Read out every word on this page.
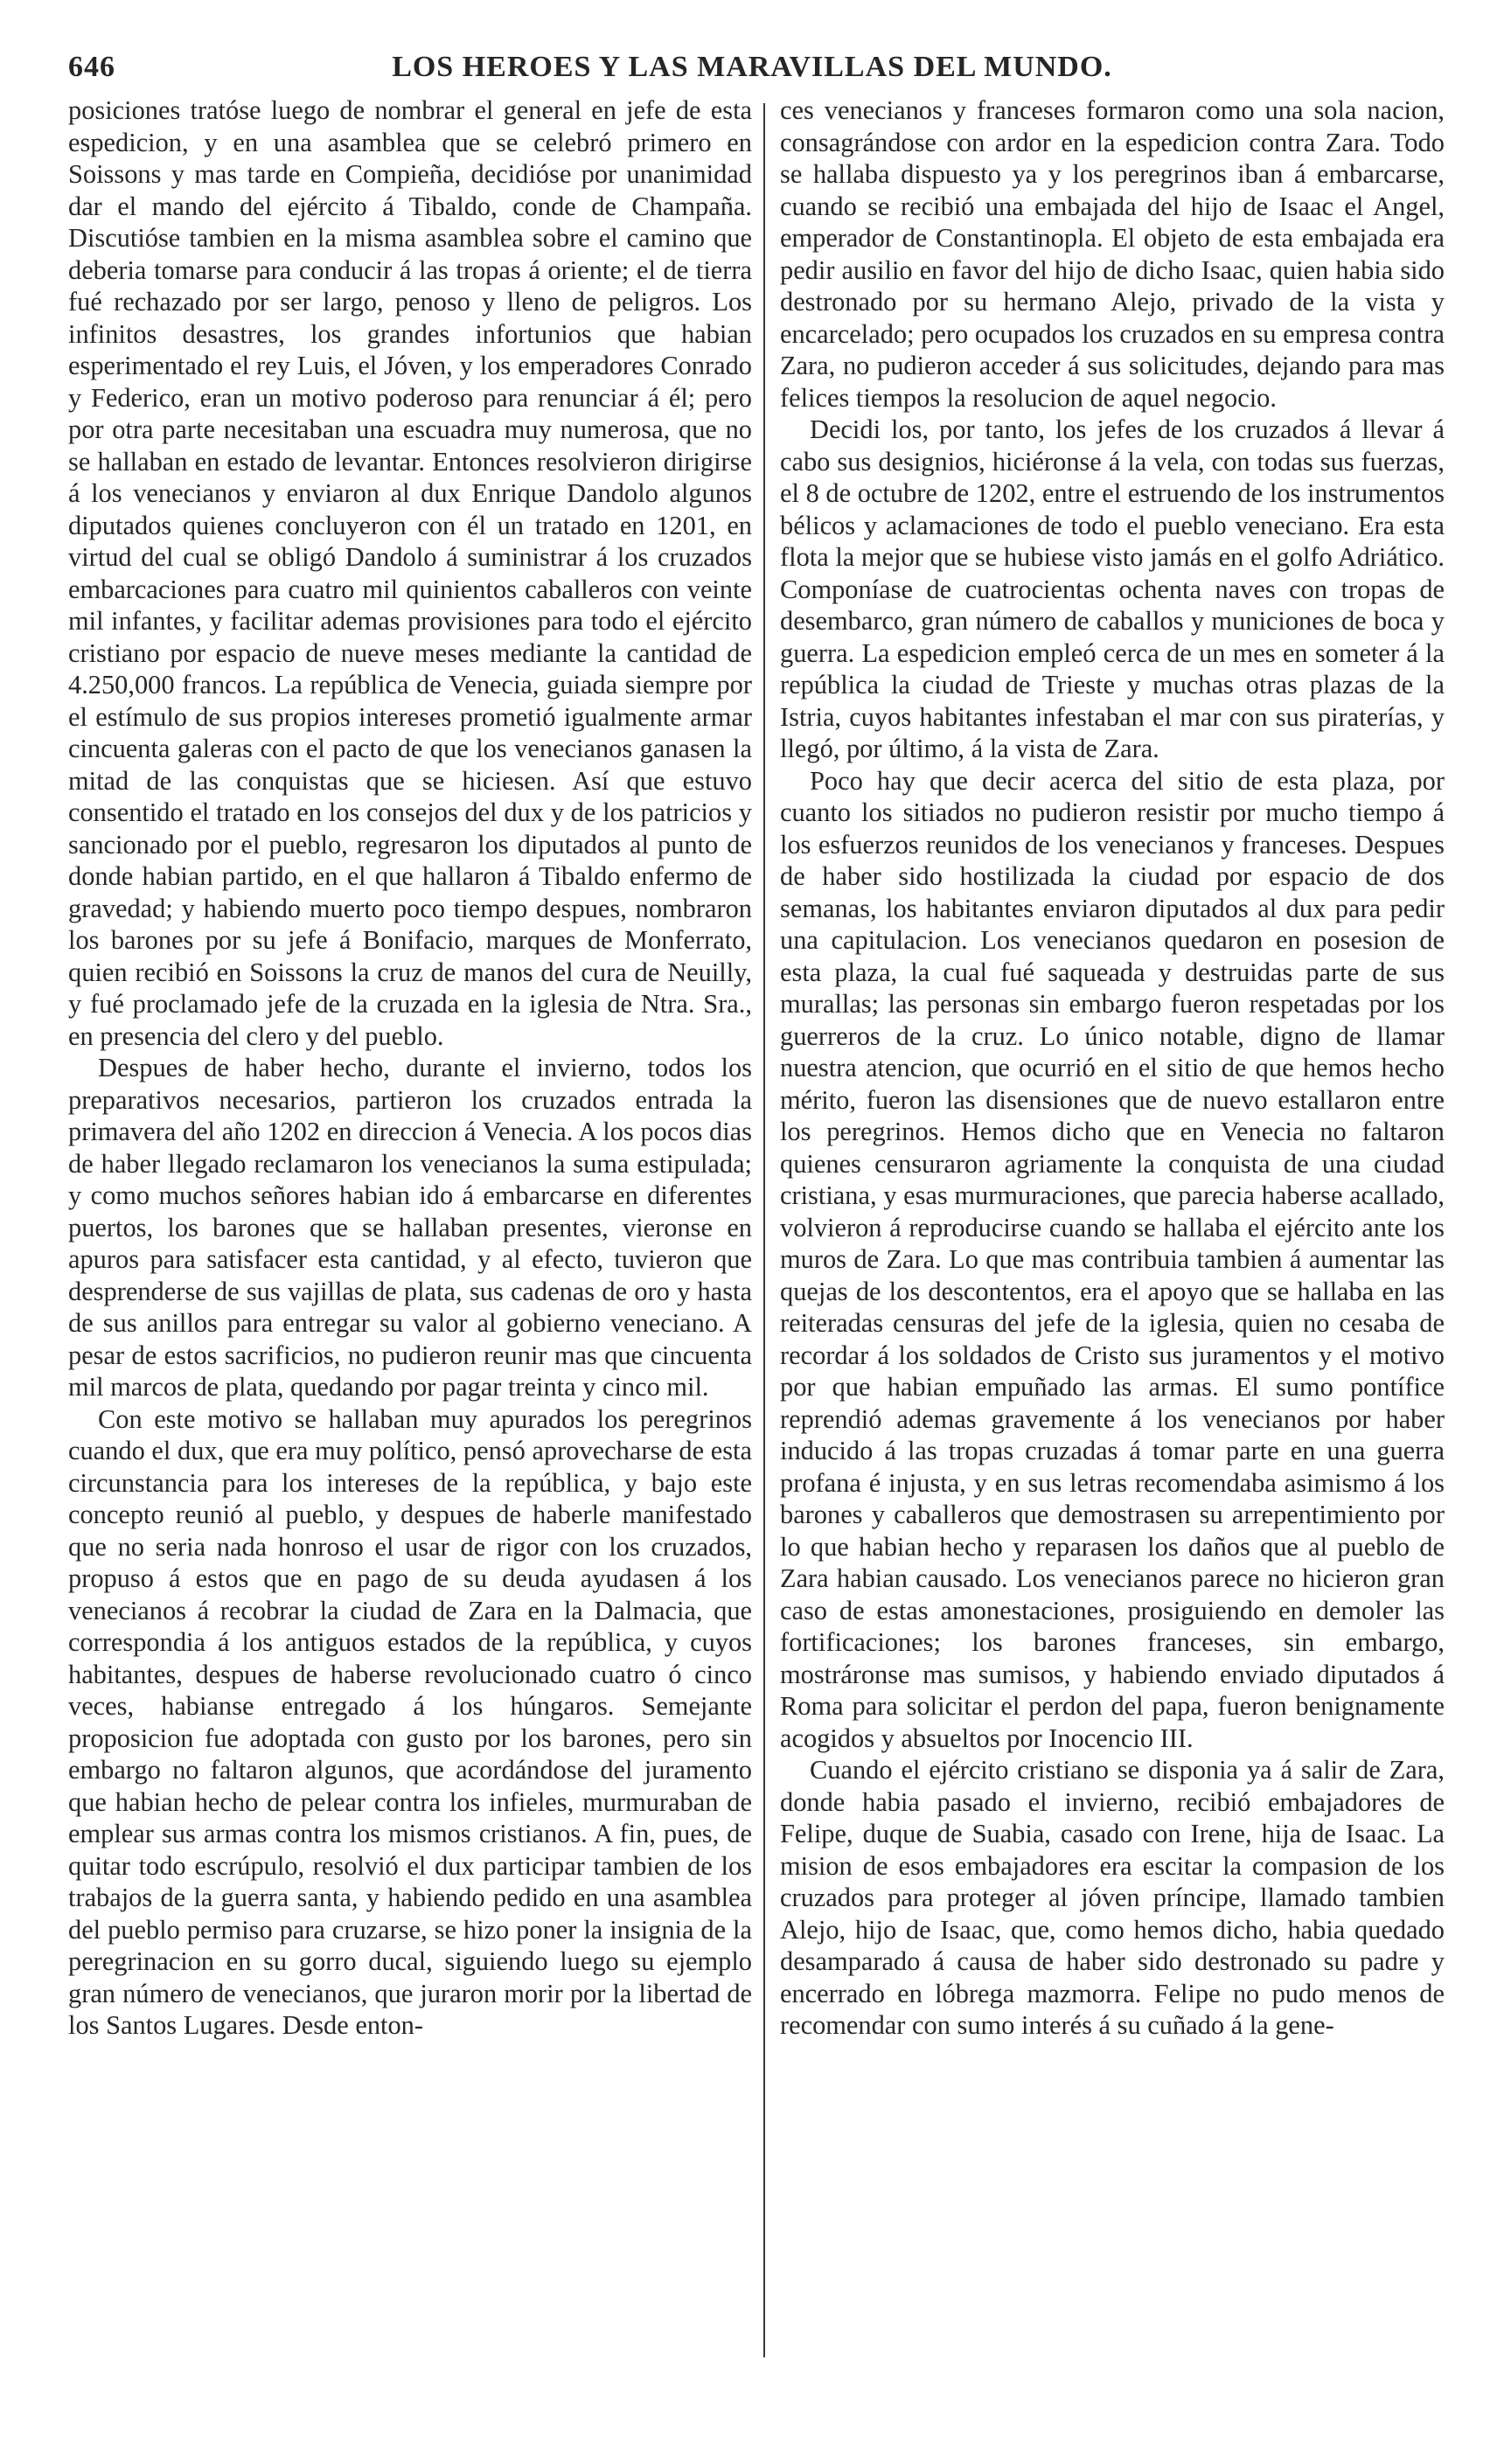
646	LOS HEROES Y LAS MARAVILLAS DEL MUNDO.

posiciones tratóse luego de nombrar el general en jefe de esta espedicion, y en una asamblea que se celebró primero en Soissons y mas tarde en Compieña, decidióse por unanimidad dar el mando del ejército á Tibaldo, conde de Champaña. Discutióse tambien en la misma asamblea sobre el camino que deberia tomarse para conducir á las tropas á oriente; el de tierra fué rechazado por ser largo, penoso y lleno de peligros. Los infinitos desastres, los grandes infortunios que habian esperimentado el rey Luis, el Jóven, y los emperadores Conrado y Federico, eran un motivo poderoso para renunciar á él; pero por otra parte necesitaban una escuadra muy numerosa, que no se hallaban en estado de levantar. Entonces resolvieron dirigirse á los venecianos y enviaron al dux Enrique Dandolo algunos diputados quienes concluyeron con él un tratado en 1201, en virtud del cual se obligó Dandolo á suministrar á los cruzados embarcaciones para cuatro mil quinientos caballeros con veinte mil infantes, y facilitar ademas provisiones para todo el ejército cristiano por espacio de nueve meses mediante la cantidad de 4.250,000 francos. La república de Venecia, guiada siempre por el estímulo de sus propios intereses prometió igualmente armar cincuenta galeras con el pacto de que los venecianos ganasen la mitad de las conquistas que se hiciesen. Así que estuvo consentido el tratado en los consejos del dux y de los patricios y sancionado por el pueblo, regresaron los diputados al punto de donde habian partido, en el que hallaron á Tibaldo enfermo de gravedad; y habiendo muerto poco tiempo despues, nombraron los barones por su jefe á Bonifacio, marques de Monferrato, quien recibió en Soissons la cruz de manos del cura de Neuilly, y fué proclamado jefe de la cruzada en la iglesia de Ntra. Sra., en presencia del clero y del pueblo.

Despues de haber hecho, durante el invierno, todos los preparativos necesarios, partieron los cruzados entrada la primavera del año 1202 en direccion á Venecia. A los pocos dias de haber llegado reclamaron los venecianos la suma estipulada; y como muchos señores habian ido á embarcarse en diferentes puertos, los barones que se hallaban presentes, vieronse en apuros para satisfacer esta cantidad, y al efecto, tuvieron que desprenderse de sus vajillas de plata, sus cadenas de oro y hasta de sus anillos para entregar su valor al gobierno veneciano. A pesar de estos sacrificios, no pudieron reunir mas que cincuenta mil marcos de plata, quedando por pagar treinta y cinco mil.

Con este motivo se hallaban muy apurados los peregrinos cuando el dux, que era muy político, pensó aprovecharse de esta circunstancia para los intereses de la república, y bajo este concepto reunió al pueblo, y despues de haberle manifestado que no seria nada honroso el usar de rigor con los cruzados, propuso á estos que en pago de su deuda ayudasen á los venecianos á recobrar la ciudad de Zara en la Dalmacia, que correspondia á los antiguos estados de la república, y cuyos habitantes, despues de haberse revolucionado cuatro ó cinco veces, habianse entregado á los húngaros. Semejante proposicion fue adoptada con gusto por los barones, pero sin embargo no faltaron algunos, que acordándose del juramento que habian hecho de pelear contra los infieles, murmuraban de emplear sus armas contra los mismos cristianos. A fin, pues, de quitar todo escrúpulo, resolvió el dux participar tambien de los trabajos de la guerra santa, y habiendo pedido en una asamblea del pueblo permiso para cruzarse, se hizo poner la insignia de la peregrinacion en su gorro ducal, siguiendo luego su ejemplo gran número de venecianos, que juraron morir por la libertad de los Santos Lugares. Desde enton-

ces venecianos y franceses formaron como una sola nacion, consagrándose con ardor en la espedicion contra Zara. Todo se hallaba dispuesto ya y los peregrinos iban á embarcarse, cuando se recibió una embajada del hijo de Isaac el Angel, emperador de Constantinopla. El objeto de esta embajada era pedir ausilio en favor del hijo de dicho Isaac, quien habia sido destronado por su hermano Alejo, privado de la vista y encarcelado; pero ocupados los cruzados en su empresa contra Zara, no pudieron acceder á sus solicitudes, dejando para mas felices tiempos la resolucion de aquel negocio.

Decidi los, por tanto, los jefes de los cruzados á llevar á cabo sus designios, hiciéronse á la vela, con todas sus fuerzas, el 8 de octubre de 1202, entre el estruendo de los instrumentos bélicos y aclamaciones de todo el pueblo veneciano. Era esta flota la mejor que se hubiese visto jamás en el golfo Adriático. Componíase de cuatrocientas ochenta naves con tropas de desembarco, gran número de caballos y municiones de boca y guerra. La espedicion empleó cerca de un mes en someter á la república la ciudad de Trieste y muchas otras plazas de la Istria, cuyos habitantes infestaban el mar con sus piraterías, y llegó, por último, á la vista de Zara.

Poco hay que decir acerca del sitio de esta plaza, por cuanto los sitiados no pudieron resistir por mucho tiempo á los esfuerzos reunidos de los venecianos y franceses. Despues de haber sido hostilizada la ciudad por espacio de dos semanas, los habitantes enviaron diputados al dux para pedir una capitulacion. Los venecianos quedaron en posesion de esta plaza, la cual fué saqueada y destruidas parte de sus murallas; las personas sin embargo fueron respetadas por los guerreros de la cruz. Lo único notable, digno de llamar nuestra atencion, que ocurrió en el sitio de que hemos hecho mérito, fueron las disensiones que de nuevo estallaron entre los peregrinos. Hemos dicho que en Venecia no faltaron quienes censuraron agriamente la conquista de una ciudad cristiana, y esas murmuraciones, que parecia haberse acallado, volvieron á reproducirse cuando se hallaba el ejército ante los muros de Zara. Lo que mas contribuia tambien á aumentar las quejas de los descontentos, era el apoyo que se hallaba en las reiteradas censuras del jefe de la iglesia, quien no cesaba de recordar á los soldados de Cristo sus juramentos y el motivo por que habian empuñado las armas. El sumo pontífice reprendió ademas gravemente á los venecianos por haber inducido á las tropas cruzadas á tomar parte en una guerra profana é injusta, y en sus letras recomendaba asimismo á los barones y caballeros que demostrasen su arrepentimiento por lo que habian hecho y reparasen los daños que al pueblo de Zara habian causado. Los venecianos parece no hicieron gran caso de estas amonestaciones, prosiguiendo en demoler las fortificaciones; los barones franceses, sin embargo, mostráronse mas sumisos, y habiendo enviado diputados á Roma para solicitar el perdon del papa, fueron benignamente acogidos y absueltos por Inocencio III.

Cuando el ejército cristiano se disponia ya á salir de Zara, donde habia pasado el invierno, recibió embajadores de Felipe, duque de Suabia, casado con Irene, hija de Isaac. La mision de esos embajadores era escitar la compasion de los cruzados para proteger al jóven príncipe, llamado tambien Alejo, hijo de Isaac, que, como hemos dicho, habia quedado desamparado á causa de haber sido destronado su padre y encerrado en lóbrega mazmorra. Felipe no pudo menos de recomendar con sumo interés á su cuñado á la gene-
